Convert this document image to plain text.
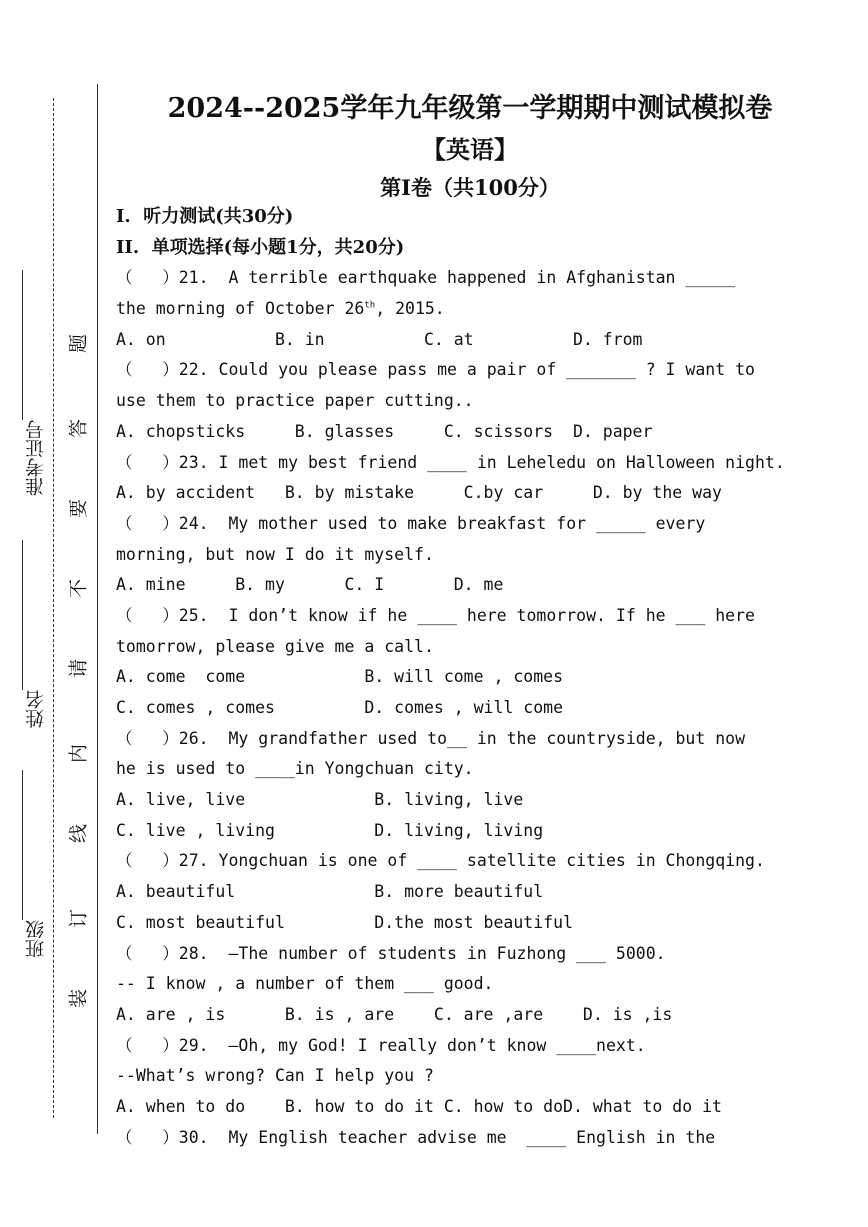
准考证号
姓名
班级
题
答
要
不
请
内
线
订
装
2024--2025学年九年级第一学期期中测试模拟卷
【英语】
第Ⅰ卷（共100分）
I.  听力测试(共30分)
II.  单项选择(每小题1分，共20分)
（   ）21.  A terrible earthquake happened in Afghanistan _____
the morning of October 26th, 2015.
A. on           B. in          C. at          D. from
（   ）22. Could you please pass me a pair of _______ ? I want to
use them to practice paper cutting..
A. chopsticks     B. glasses     C. scissors  D. paper
（   ）23. I met my best friend ____ in Leheledu on Halloween night.
A. by accident   B. by mistake     C.by car     D. by the way
（   ）24.  My mother used to make breakfast for _____ every
morning, but now I do it myself.
A. mine     B. my      C. I       D. me
（   ）25.  I don’t know if he ____ here tomorrow. If he ___ here
tomorrow, please give me a call.
A. come  come            B. will come , comes
C. comes , comes         D. comes , will come
（   ）26.  My grandfather used to__ in the countryside, but now
he is used to ____in Yongchuan city.
A. live, live             B. living, live
C. live , living          D. living, living
（   ）27. Yongchuan is one of ____ satellite cities in Chongqing.
A. beautiful              B. more beautiful
C. most beautiful         D.the most beautiful
（   ）28.  –The number of students in Fuzhong ___ 5000.
-- I know , a number of them ___ good.
A. are , is      B. is , are    C. are ,are    D. is ,is
（   ）29.  –Oh, my God! I really don’t know ____next.
--What’s wrong? Can I help you ?
A. when to do    B. how to do it C. how to doD. what to do it
（   ）30.  My English teacher advise me  ____ English in the
